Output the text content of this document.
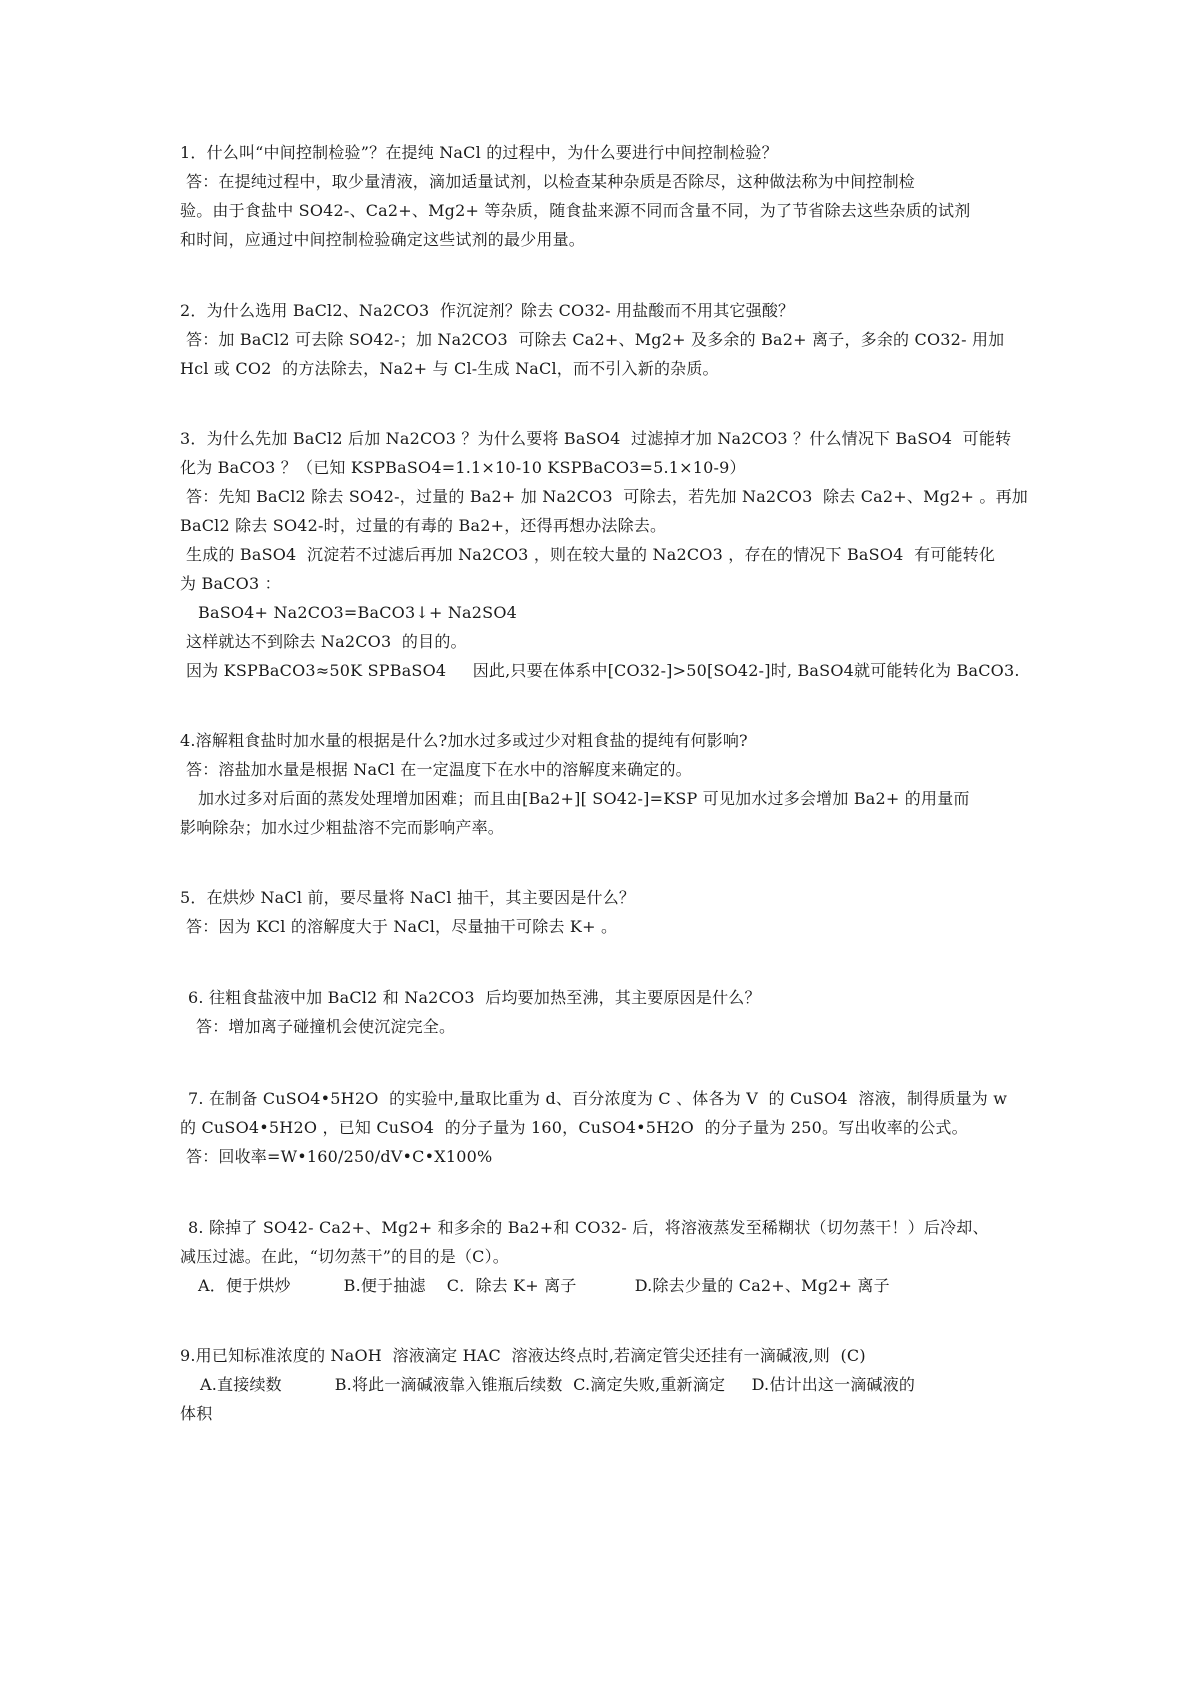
1．什么叫“中间控制检验”？在提纯 NaCl 的过程中，为什么要进行中间控制检验？
答：在提纯过程中，取少量清液，滴加适量试剂，以检查某种杂质是否除尽，这种做法称为中间控制检
验。由于食盐中 SO42-、Ca2+、Mg2+ 等杂质，随食盐来源不同而含量不同，为了节省除去这些杂质的试剂
和时间，应通过中间控制检验确定这些试剂的最少用量。
2．为什么选用 BaCl2、Na2CO3  作沉淀剂？除去 CO32- 用盐酸而不用其它强酸？
答：加 BaCl2 可去除 SO42-；加 Na2CO3  可除去 Ca2+、Mg2+ 及多余的 Ba2+ 离子，多余的 CO32- 用加
Hcl 或 CO2  的方法除去，Na2+ 与 Cl-生成 NaCl，而不引入新的杂质。
3．为什么先加 BaCl2 后加 Na2CO3 ？为什么要将 BaSO4  过滤掉才加 Na2CO3 ？什么情况下 BaSO4  可能转
化为 BaCO3 ？（已知 KSPBaSO4=1.1×10-10 KSPBaCO3=5.1×10-9）
答：先知 BaCl2 除去 SO42-，过量的 Ba2+ 加 Na2CO3  可除去，若先加 Na2CO3  除去 Ca2+、Mg2+ 。再加
BaCl2 除去 SO42-时，过量的有毒的 Ba2+，还得再想办法除去。
生成的 BaSO4  沉淀若不过滤后再加 Na2CO3 ，则在较大量的 Na2CO3 ，存在的情况下 BaSO4  有可能转化
为 BaCO3 ：
BaSO4+ Na2CO3=BaCO3↓+ Na2SO4
这样就达不到除去 Na2CO3  的目的。
因为 KSPBaCO3≈50K SPBaSO4     因此,只要在体系中[CO32-]>50[SO42-]时, BaSO4就可能转化为 BaCO3.
4.溶解粗食盐时加水量的根据是什么?加水过多或过少对粗食盐的提纯有何影响?
答：溶盐加水量是根据 NaCl 在一定温度下在水中的溶解度来确定的。
加水过多对后面的蒸发处理增加困难；而且由[Ba2+][ SO42-]=KSP 可见加水过多会增加 Ba2+ 的用量而
影响除杂；加水过少粗盐溶不完而影响产率。
5．在烘炒 NaCl 前，要尽量将 NaCl 抽干，其主要因是什么？
答：因为 KCl 的溶解度大于 NaCl，尽量抽干可除去 K+ 。
6. 往粗食盐液中加 BaCl2 和 Na2CO3  后均要加热至沸，其主要原因是什么？
答：增加离子碰撞机会使沉淀完全。
7. 在制备 CuSO4•5H2O  的实验中,量取比重为 d、百分浓度为 C 、体各为 V  的 CuSO4  溶液，制得质量为 w
的 CuSO4•5H2O ，已知 CuSO4  的分子量为 160，CuSO4•5H2O  的分子量为 250。写出收率的公式。
答：回收率=W•160/250/dV•C•X100%
8. 除掉了 SO42- Ca2+、Mg2+ 和多余的 Ba2+和 CO32- 后，将溶液蒸发至稀糊状（切勿蒸干！）后冷却、
减压过滤。在此，“切勿蒸干”的目的是（C）。
A．便于烘炒          B.便于抽滤    C．除去 K+ 离子           D.除去少量的 Ca2+、Mg2+ 离子
9.用已知标准浓度的 NaOH  溶液滴定 HAC  溶液达终点时,若滴定管尖还挂有一滴碱液,则  (C)
A.直接续数          B.将此一滴碱液靠入锥瓶后续数  C.滴定失败,重新滴定     D.估计出这一滴碱液的
体积
